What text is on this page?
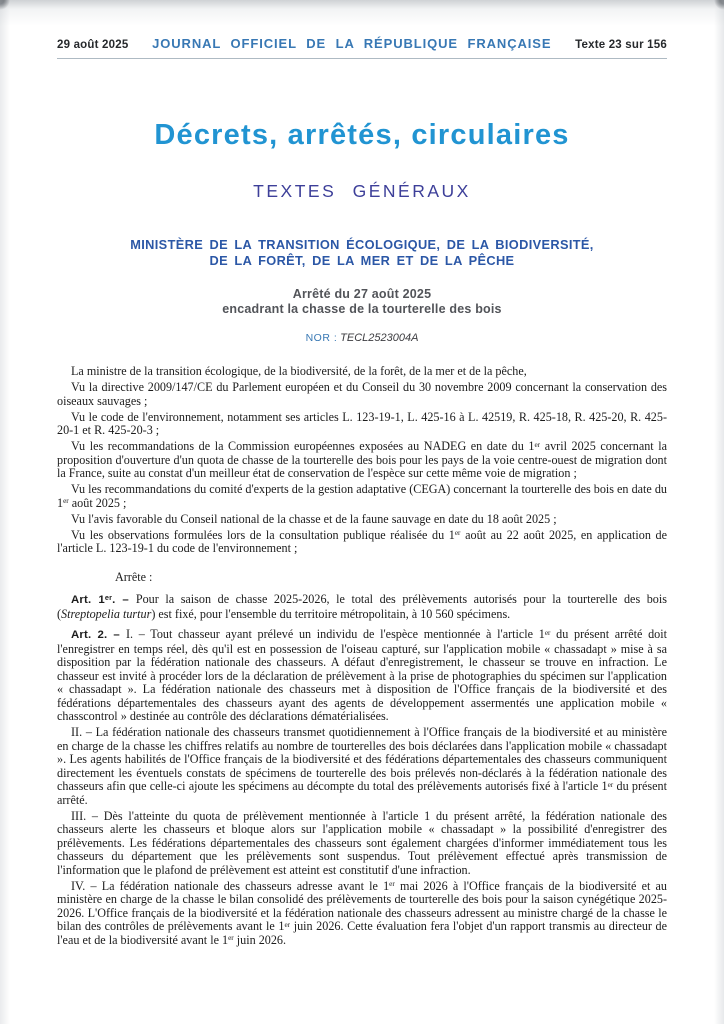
29 août 2025 JOURNAL OFFICIEL DE LA RÉPUBLIQUE FRANÇAISE Texte 23 sur 156
Décrets, arrêtés, circulaires
TEXTES GÉNÉRAUX
MINISTÈRE DE LA TRANSITION ÉCOLOGIQUE, DE LA BIODIVERSITÉ,
DE LA FORÊT, DE LA MER ET DE LA PÊCHE
Arrêté du 27 août 2025
encadrant la chasse de la tourterelle des bois
NOR : TECL2523004A

La ministre de la transition écologique, de la biodiversité, de la forêt, de la mer et de la pêche,

Vu la directive 2009/147/CE du Parlement européen et du Conseil du 30 novembre 2009 concernant la conservation des oiseaux sauvages ;

Vu le code de l'environnement, notamment ses articles L. 123-19-1, L. 425-16 à L. 42519, R. 425-18, R. 425-20, R. 425-20-1 et R. 425-20-3 ;

Vu les recommandations de la Commission européennes exposées au NADEG en date du 1er avril 2025 concernant la proposition d'ouverture d'un quota de chasse de la tourterelle des bois pour les pays de la voie centre-ouest de migration dont la France, suite au constat d'un meilleur état de conservation de l'espèce sur cette même voie de migration ;

Vu les recommandations du comité d'experts de la gestion adaptative (CEGA) concernant la tourterelle des bois en date du 1er août 2025 ;

Vu l'avis favorable du Conseil national de la chasse et de la faune sauvage en date du 18 août 2025 ;

Vu les observations formulées lors de la consultation publique réalisée du 1er août au 22 août 2025, en application de l'article L. 123-19-1 du code de l'environnement ;

Arrête :

Art. 1er. – Pour la saison de chasse 2025-2026, le total des prélèvements autorisés pour la tourterelle des bois (Streptopelia turtur) est fixé, pour l'ensemble du territoire métropolitain, à 10 560 spécimens.

Art. 2. – I. – Tout chasseur ayant prélevé un individu de l'espèce mentionnée à l'article 1er du présent arrêté doit l'enregistrer en temps réel, dès qu'il est en possession de l'oiseau capturé, sur l'application mobile « chassadapt » mise à sa disposition par la fédération nationale des chasseurs. A défaut d'enregistrement, le chasseur se trouve en infraction. Le chasseur est invité à procéder lors de la déclaration de prélèvement à la prise de photographies du spécimen sur l'application « chassadapt ». La fédération nationale des chasseurs met à disposition de l'Office français de la biodiversité et des fédérations départementales des chasseurs ayant des agents de développement assermentés une application mobile « chasscontrol » destinée au contrôle des déclarations dématérialisées.

II. – La fédération nationale des chasseurs transmet quotidiennement à l'Office français de la biodiversité et au ministère en charge de la chasse les chiffres relatifs au nombre de tourterelles des bois déclarées dans l'application mobile « chassadapt ». Les agents habilités de l'Office français de la biodiversité et des fédérations départementales des chasseurs communiquent directement les éventuels constats de spécimens de tourterelle des bois prélevés non-déclarés à la fédération nationale des chasseurs afin que celle-ci ajoute les spécimens au décompte du total des prélèvements autorisés fixé à l'article 1er du présent arrêté.

III. – Dès l'atteinte du quota de prélèvement mentionnée à l'article 1 du présent arrêté, la fédération nationale des chasseurs alerte les chasseurs et bloque alors sur l'application mobile « chassadapt » la possibilité d'enregistrer des prélèvements. Les fédérations départementales des chasseurs sont également chargées d'informer immédiatement tous les chasseurs du département que les prélèvements sont suspendus. Tout prélèvement effectué après transmission de l'information que le plafond de prélèvement est atteint est constitutif d'une infraction.

IV. – La fédération nationale des chasseurs adresse avant le 1er mai 2026 à l'Office français de la biodiversité et au ministère en charge de la chasse le bilan consolidé des prélèvements de tourterelle des bois pour la saison cynégétique 2025-2026. L'Office français de la biodiversité et la fédération nationale des chasseurs adressent au ministre chargé de la chasse le bilan des contrôles de prélèvements avant le 1er juin 2026. Cette évaluation fera l'objet d'un rapport transmis au directeur de l'eau et de la biodiversité avant le 1er juin 2026.
